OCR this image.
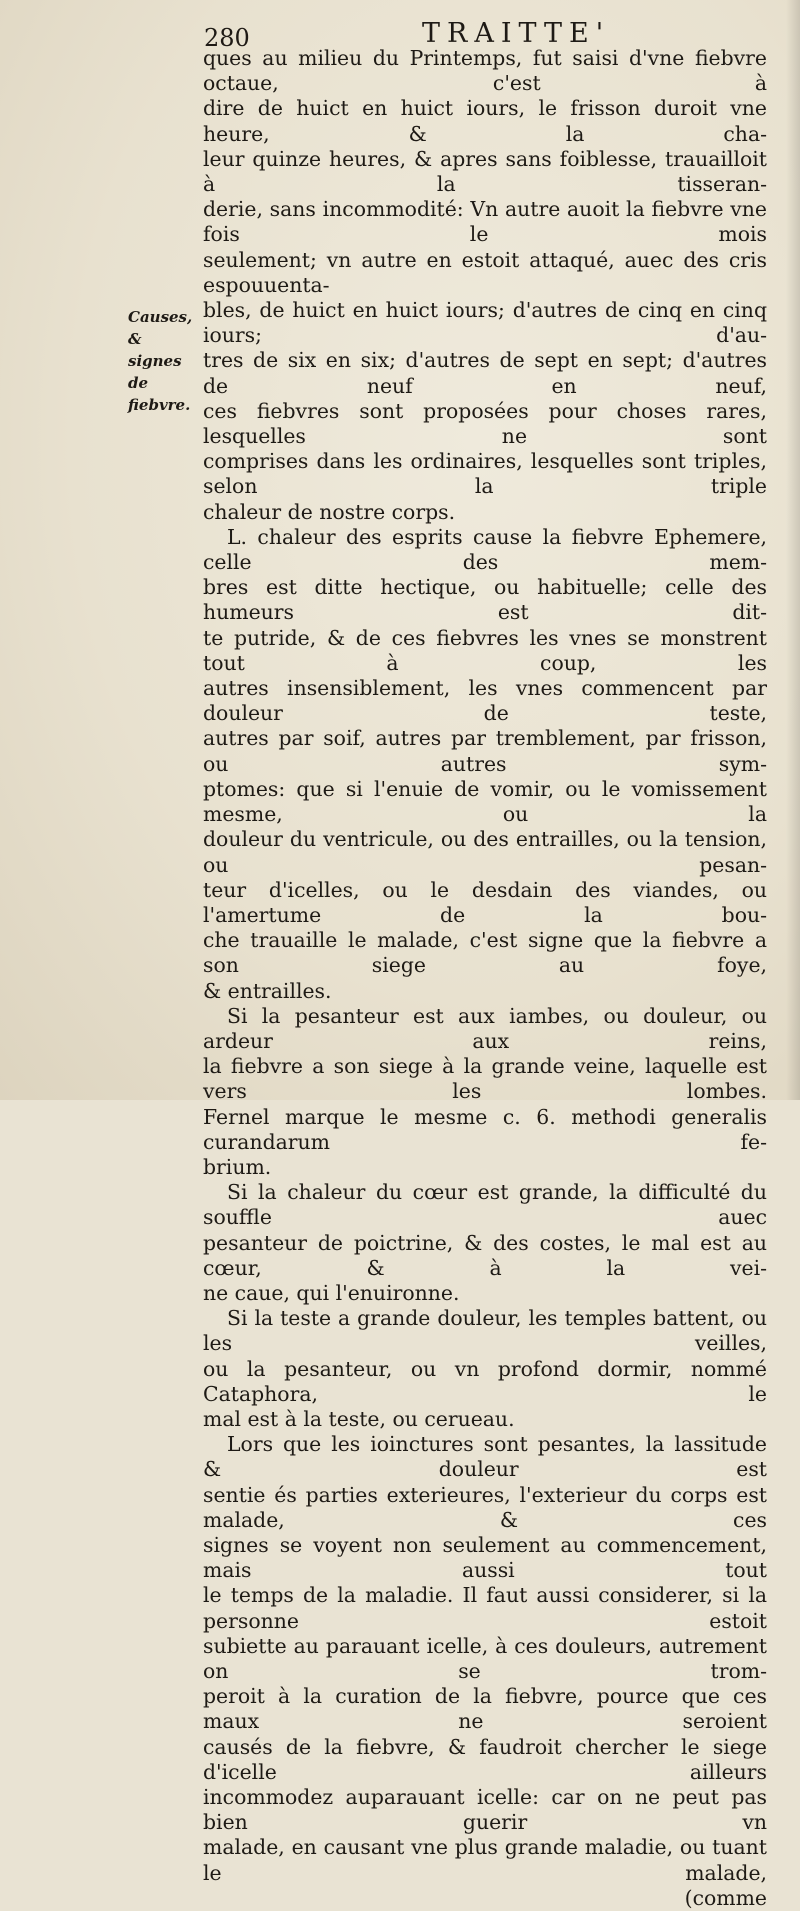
280	TRAITTE'
Causes, &
signes de
fiebvre.

ques au milieu du Printemps, fut saisi d'vne fiebvre octaue, c'est à

dire de huict en huict iours, le frisson duroit vne heure, & la cha-

leur quinze heures, & apres sans foiblesse, trauailloit à la tisseran-

derie, sans incommodité: Vn autre auoit la fiebvre vne fois le mois

seulement; vn autre en estoit attaqué, auec des cris espouuenta-

bles, de huict en huict iours; d'autres de cinq en cinq iours; d'au-

tres de six en six; d'autres de sept en sept; d'autres de neuf en neuf,

ces fiebvres sont proposées pour choses rares, lesquelles ne sont

comprises dans les ordinaires, lesquelles sont triples, selon la triple

chaleur de nostre corps.

L. chaleur des esprits cause la fiebvre Ephemere, celle des mem-

bres est ditte hectique, ou habituelle; celle des humeurs est dit-

te putride, & de ces fiebvres les vnes se monstrent tout à coup, les

autres insensiblement, les vnes commencent par douleur de teste,

autres par soif, autres par tremblement, par frisson, ou autres sym-

ptomes: que si l'enuie de vomir, ou le vomissement mesme, ou la

douleur du ventricule, ou des entrailles, ou la tension, ou pesan-

teur d'icelles, ou le desdain des viandes, ou l'amertume de la bou-

che trauaille le malade, c'est signe que la fiebvre a son siege au foye,

& entrailles.

Si la pesanteur est aux iambes, ou douleur, ou ardeur aux reins,

la fiebvre a son siege à la grande veine, laquelle est vers les lombes.

Fernel marque le mesme c. 6. methodi generalis curandarum fe-

brium.

Si la chaleur du cœur est grande, la difficulté du souffle auec

pesanteur de poictrine, & des costes, le mal est au cœur, & à la vei-

ne caue, qui l'enuironne.

Si la teste a grande douleur, les temples battent, ou les veilles,

ou la pesanteur, ou vn profond dormir, nommé Cataphora, le

mal est à la teste, ou cerueau.

Lors que les ioinctures sont pesantes, la lassitude & douleur est

sentie és parties exterieures, l'exterieur du corps est malade, & ces

signes se voyent non seulement au commencement, mais aussi tout

le temps de la maladie. Il faut aussi considerer, si la personne estoit

subiette au parauant icelle, à ces douleurs, autrement on se trom-

peroit à la curation de la fiebvre, pource que ces maux ne seroient

causés de la fiebvre, & faudroit chercher le siege d'icelle ailleurs

incommodez auparauant icelle: car on ne peut pas bien guerir vn

malade, en causant vne plus grande maladie, ou tuant le malade,

(comme
